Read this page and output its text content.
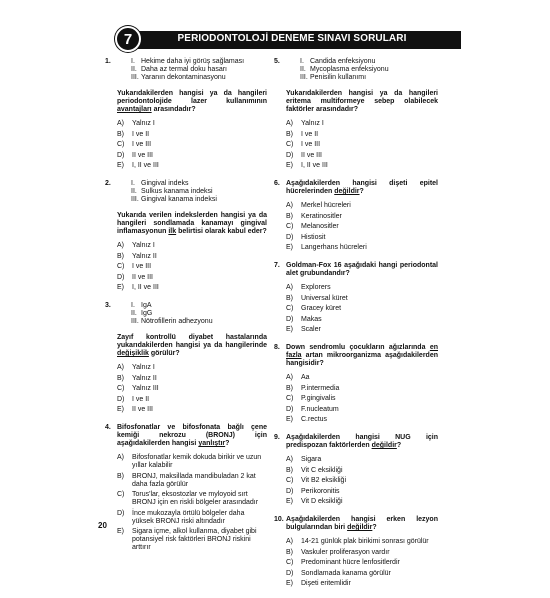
PERIODONTOLOJİ DENEME SINAVI SORULARI
7
1.	I. Hekime daha iyi görüş sağlaması
II. Daha az termal doku hasarı
III. Yaranın dekontaminasyonu
Yukarıdakilerden hangisi ya da hangileri periodontolojide lazer kullanımının avantajları arasındadır?
A)	Yalnız I
B)	I ve II
C)	I ve III
D)	II ve III
E)	I, II ve III
2.	I. Gingival indeks
II. Sulkus kanama indeksi
III. Gingival kanama indeksi
Yukarıda verilen indekslerden hangisi ya da hangileri sondlamada kanamayı gingival inflamasyonun ilk belirtisi olarak kabul eder?
A)	Yalnız I
B)	Yalnız II
C)	I ve III
D)	II ve III
E)	I, II ve III
3.	I. IgA
II. IgG
III. Nötrofillerin adhezyonu
Zayıf kontrollü diyabet hastalarında yukarıdakilerden hangisi ya da hangilerinde değişiklik görülür?
A)	Yalnız I
B)	Yalnız II
C)	Yalnız III
D)	I ve II
E)	II ve III
4. Bifosfonatlar ve bifosfonata bağlı çene kemiği nekrozu (BRONJ) için aşağıdakilerden hangisi yanlıştır?
A)	Bifosfonatlar kemik dokuda birikir ve uzun yıllar kalabilir
B)	BRONJ, maksillada mandibuladan 2 kat daha fazla görülür
C)	Torus'lar, eksostozlar ve myloyoid sırt BRONJ için en riskli bölgeler arasındadır
D)	İnce mukozayla örtülü bölgeler daha yüksek BRONJ riski altındadır
E)	Sigara içme, alkol kullanma, diyabet gibi potansiyel risk faktörleri BRONJ riskini arttırır
5.	I. Candida enfeksiyonu
II. Mycoplasma enfeksiyonu
III. Penisilin kullanımı
Yukarıdakilerden hangisi ya da hangileri eritema multiformeye sebep olabilecek faktörler arasındadır?
A)	Yalnız I
B)	I ve II
C)	I ve III
D)	II ve III
E)	I, II ve III
6. Aşağıdakilerden hangisi dişeti epitel hücrelerinden değildir?
A)	Merkel hücreleri
B)	Keratinositler
C)	Melanositler
D)	Histiosit
E)	Langerhans hücreleri
7. Goldman-Fox 16 aşağıdaki hangi periodontal alet grubundandır?
A)	Explorers
B)	Universal küret
C)	Gracey küret
D)	Makas
E)	Scaler
8. Down sendromlu çocukların ağızlarında en fazla artan mikroorganizma aşağıdakilerden hangisidir?
A)	Aa
B)	P.intermedia
C)	P.gingivalis
D)	F.nucleatum
E)	C.rectus
9. Aşağıdakilerden hangisi NUG için predispozan faktörlerden değildir?
A)	Sigara
B)	Vit C eksikliği
C)	Vit B2 eksikliği
D)	Perikoronitis
E)	Vit D eksikliği
10. Aşağıdakilerden hangisi erken lezyon bulgularından biri değildir?
A)	14-21 günlük plak birikimi sonrası görülür
B)	Vaskuler proliferasyon vardır
C)	Predominant hücre lenfositlerdir
D)	Sondlamada kanama görülür
E)	Dişeti eritemlidir
20
